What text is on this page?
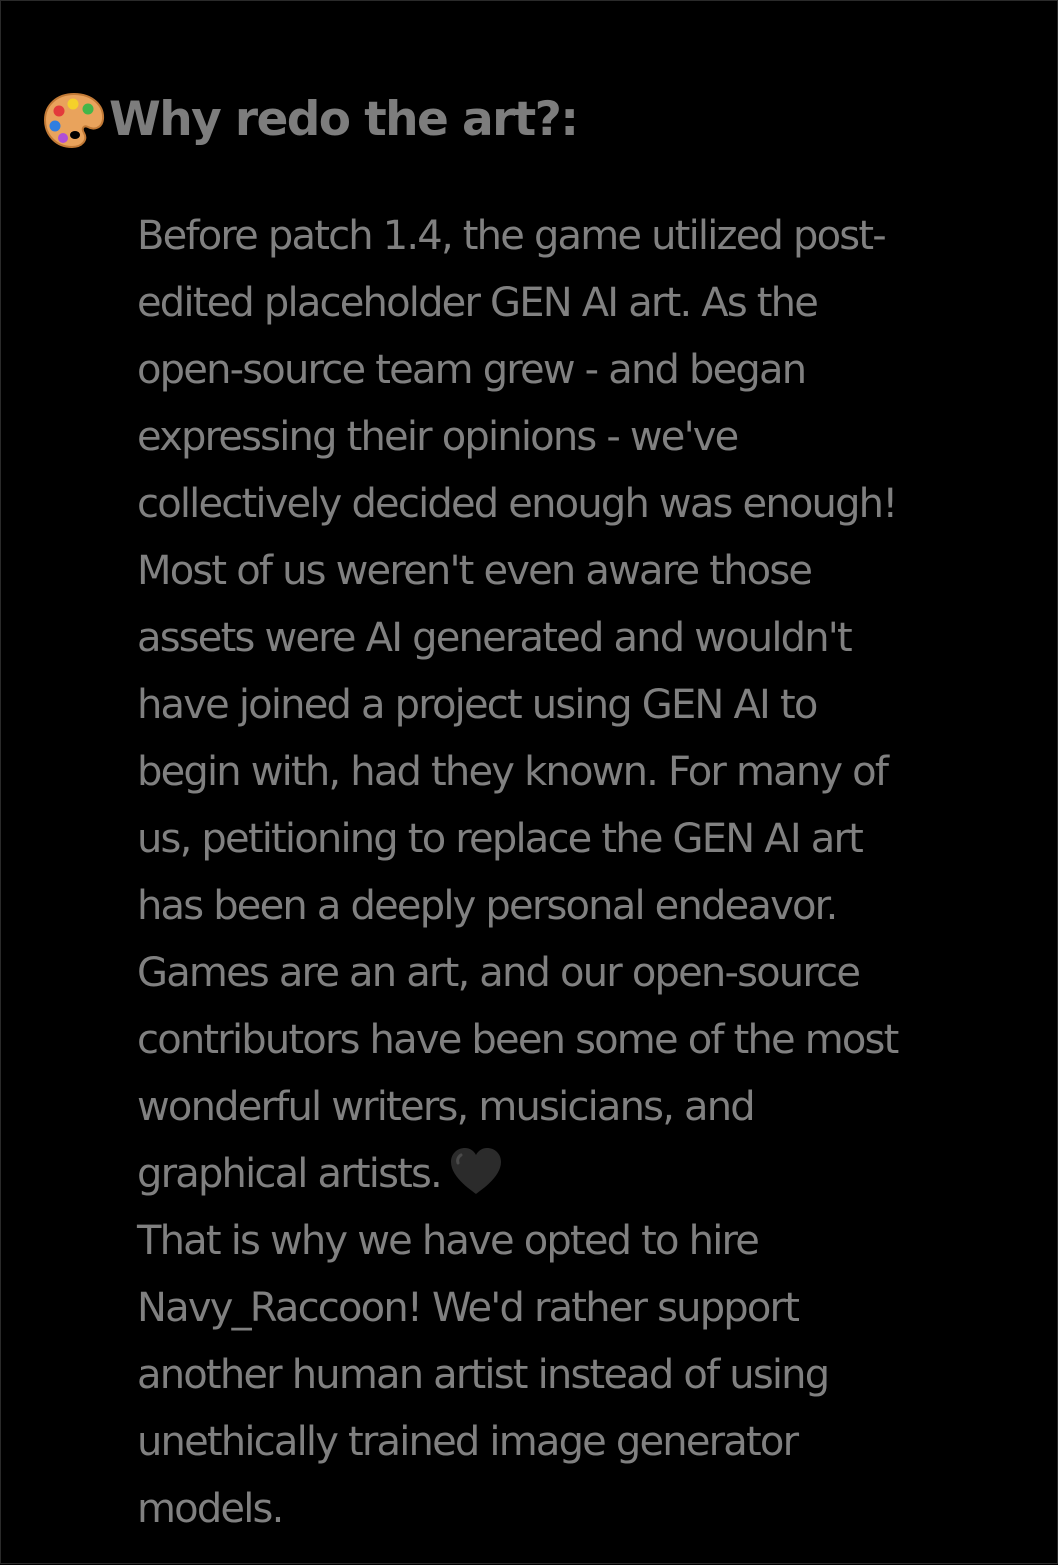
Why redo the art?:
Before patch 1.4, the game utilized post-
edited placeholder GEN AI art. As the
open-source team grew - and began
expressing their opinions - we've
collectively decided enough was enough!
Most of us weren't even aware those
assets were AI generated and wouldn't
have joined a project using GEN AI to
begin with, had they known. For many of
us, petitioning to replace the GEN AI art
has been a deeply personal endeavor.
Games are an art, and our open-source
contributors have been some of the most
wonderful writers, musicians, and
graphical artists.
That is why we have opted to hire
Navy_Raccoon! We'd rather support
another human artist instead of using
unethically trained image generator
models.
